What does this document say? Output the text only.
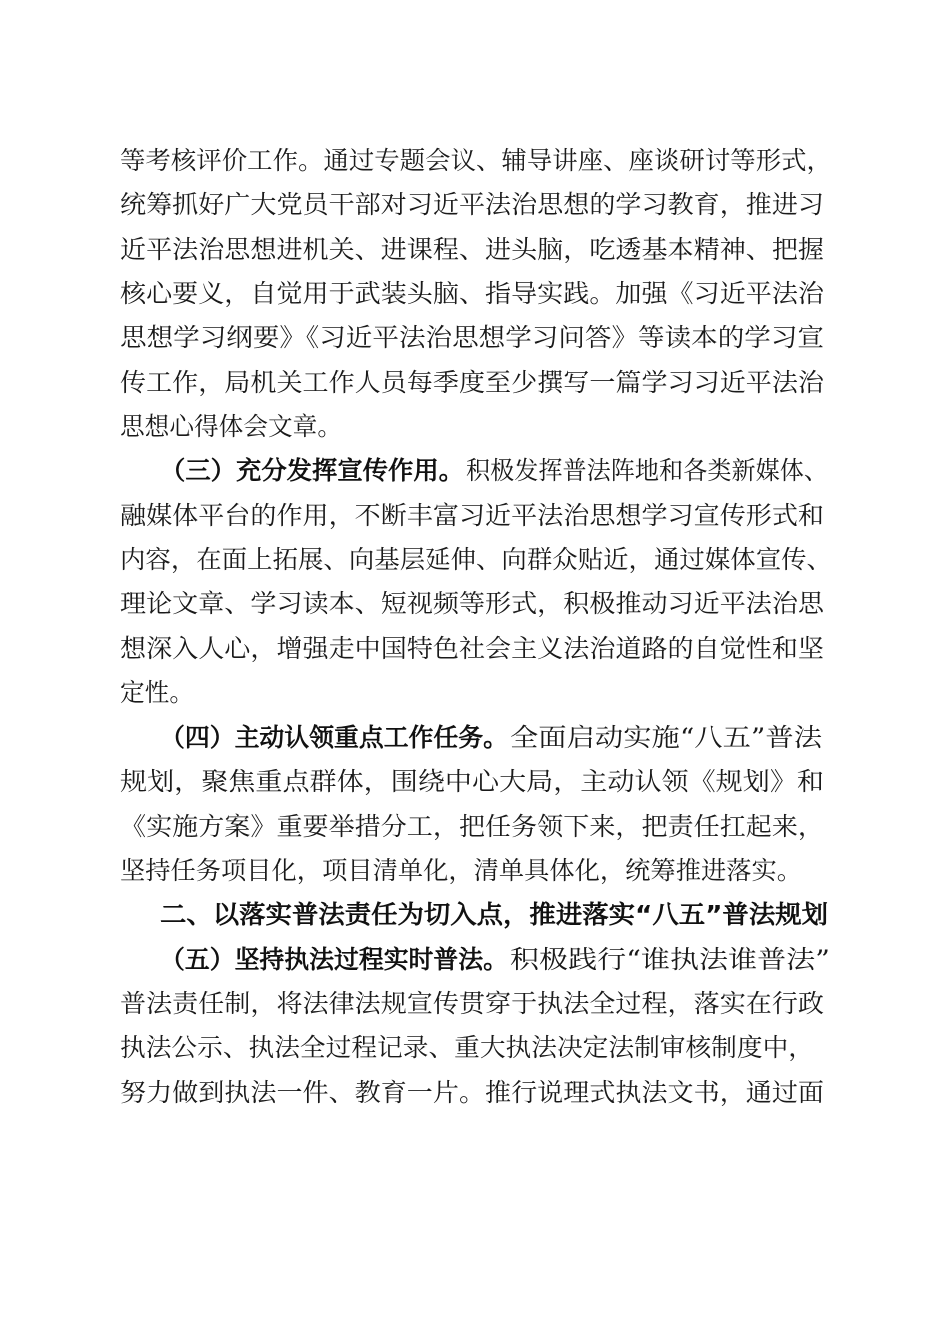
等考核评价工作。通过专题会议、辅导讲座、座谈研讨等形式，
统筹抓好广大党员干部对习近平法治思想的学习教育，推进习
近平法治思想进机关、进课程、进头脑，吃透基本精神、把握
核心要义，自觉用于武装头脑、指导实践。加强《习近平法治
思想学习纲要》《习近平法治思想学习问答》等读本的学习宣
传工作，局机关工作人员每季度至少撰写一篇学习习近平法治
思想心得体会文章。
（三）充分发挥宣传作用。 积极发挥普法阵地和各类新媒体、
融媒体平台的作用，不断丰富习近平法治思想学习宣传形式和
内容，在面上拓展、向基层延伸、向群众贴近，通过媒体宣传、
理论文章、学习读本、短视频等形式，积极推动习近平法治思
想深入人心，增强走中国特色社会主义法治道路的自觉性和坚
定性。
（四）主动认领重点工作任务。 全面启动实施“八五”普法
规划，聚焦重点群体，围绕中心大局，主动认领《规划》和
《实施方案》重要举措分工，把任务领下来，把责任扛起来，
坚持任务项目化，项目清单化，清单具体化，统筹推进落实。
二、以落实普法责任为切入点，推进落实“八五”普法规划
（五）坚持执法过程实时普法。 积极践行“谁执法谁普法”
普法责任制，将法律法规宣传贯穿于执法全过程，落实在行政
执法公示、执法全过程记录、重大执法决定法制审核制度中，
努力做到执法一件、教育一片。推行说理式执法文书，通过面
